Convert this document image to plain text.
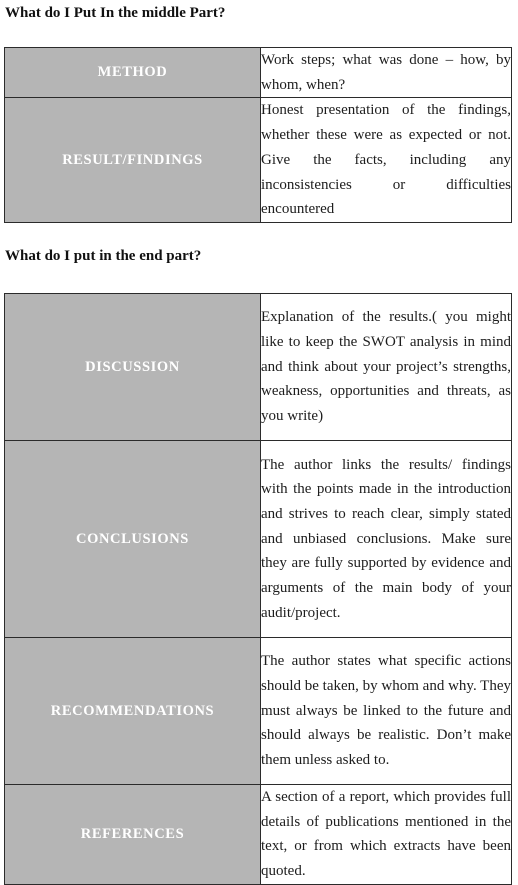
What do I Put In the middle Part?
METHOD	Work steps; what was done – how, by whom, when?
RESULT/FINDINGS	Honest presentation of the findings, whether these were as expected or not. Give the facts, including any inconsistencies or difficulties encountered
What do I put in the end part?
DISCUSSION	Explanation of the results.( you might like to keep the SWOT analysis in mind and think about your project’s strengths, weakness, opportunities and threats, as you write)
CONCLUSIONS	The author links the results/ findings with the points made in the introduction and strives to reach clear, simply stated and unbiased conclusions. Make sure they are fully supported by evidence and arguments of the main body of your audit/project.
RECOMMENDATIONS	The author states what specific actions should be taken, by whom and why. They must always be linked to the future and should always be realistic. Don’t make them unless asked to.
REFERENCES	A section of a report, which provides full details of publications mentioned in the text, or from which extracts have been quoted.
